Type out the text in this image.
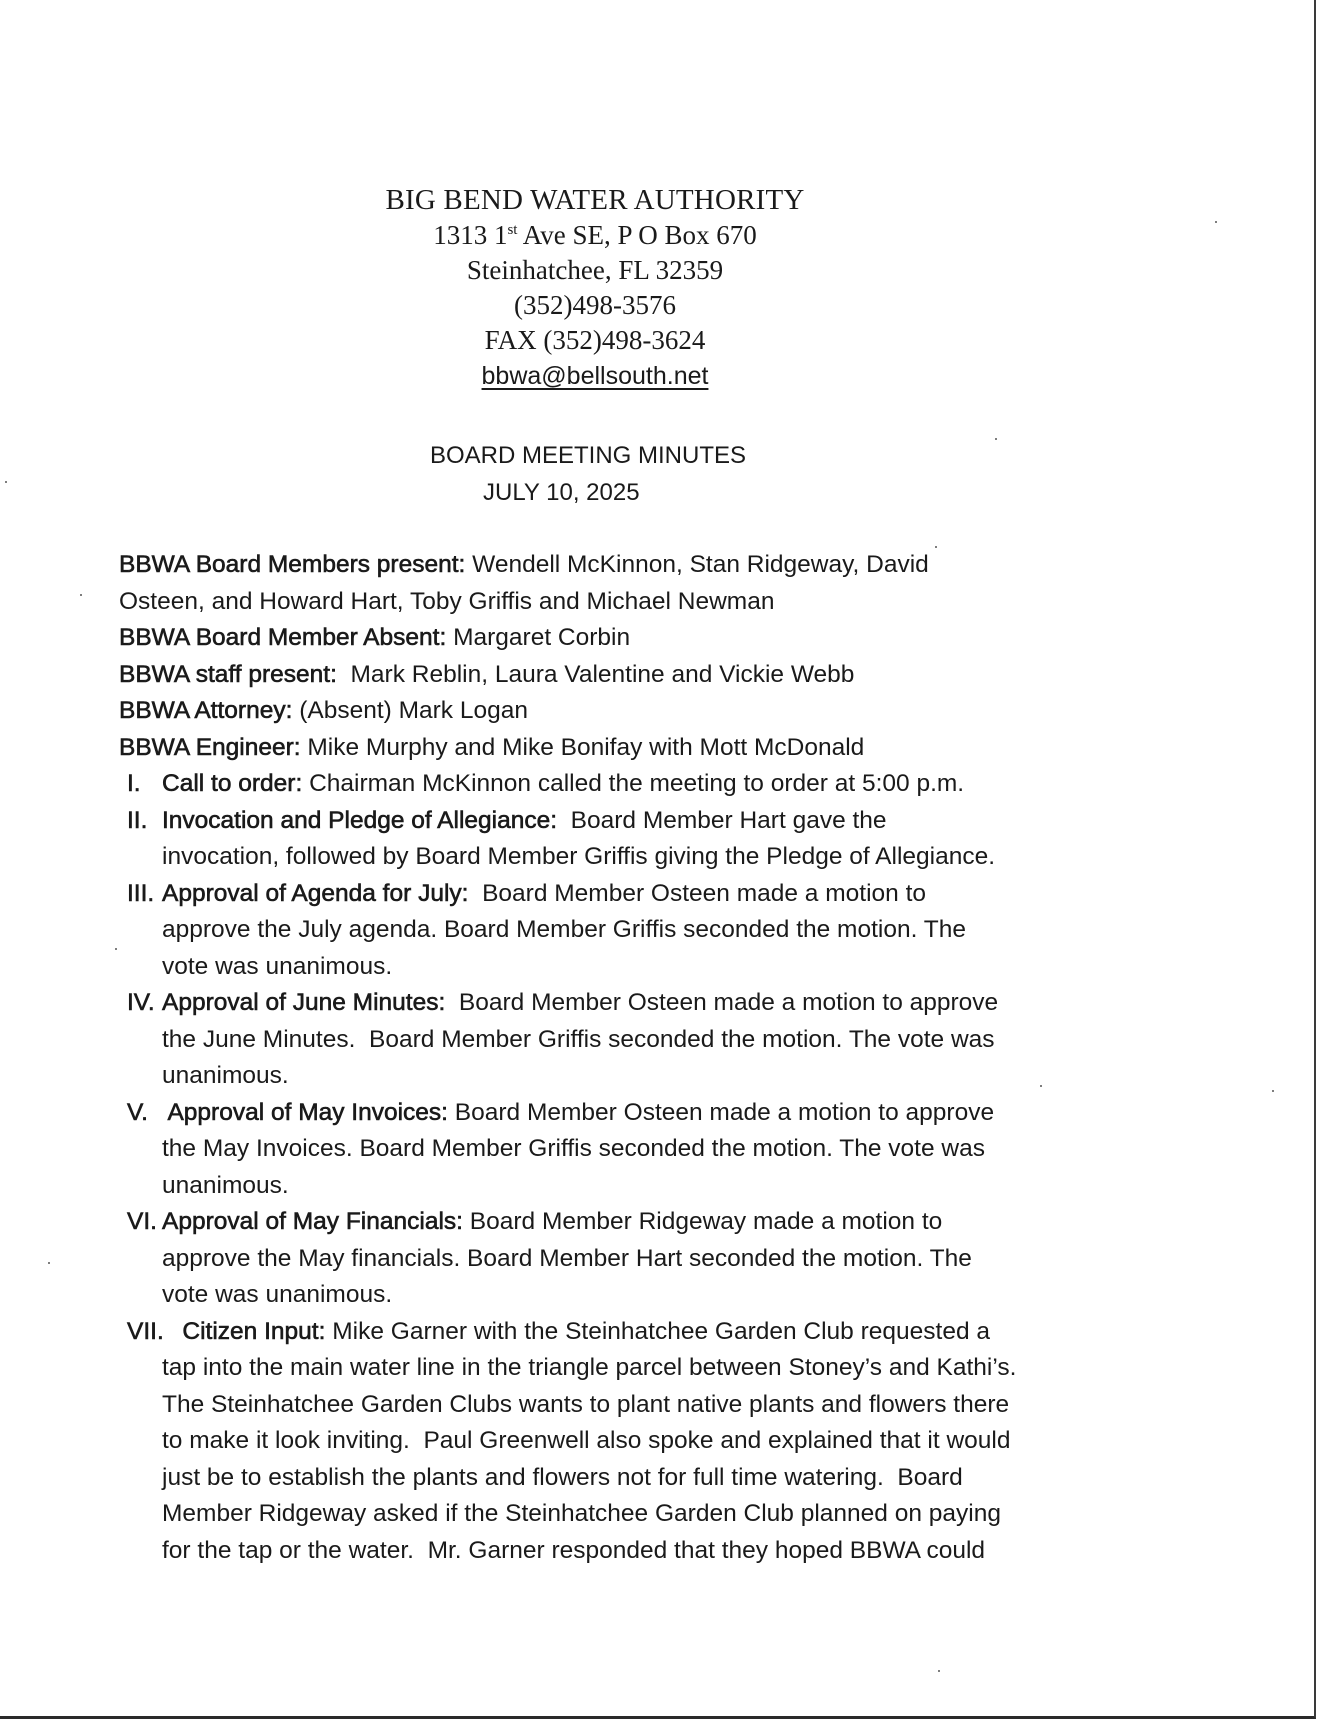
BIG BEND WATER AUTHORITY
1313 1st Ave SE, P O Box 670
Steinhatchee, FL 32359
(352)498-3576
FAX (352)498-3624
bbwa@bellsouth.net
BOARD MEETING MINUTES
JULY 10, 2025
BBWA Board Members present: Wendell McKinnon, Stan Ridgeway, David
Osteen, and Howard Hart, Toby Griffis and Michael Newman
BBWA Board Member Absent: Margaret Corbin
BBWA staff present:  Mark Reblin, Laura Valentine and Vickie Webb
BBWA Attorney: (Absent) Mark Logan
BBWA Engineer: Mike Murphy and Mike Bonifay with Mott McDonald
I. Call to order: Chairman McKinnon called the meeting to order at 5:00 p.m.
II. Invocation and Pledge of Allegiance:  Board Member Hart gave the
invocation, followed by Board Member Griffis giving the Pledge of Allegiance.
III. Approval of Agenda for July:  Board Member Osteen made a motion to
approve the July agenda. Board Member Griffis seconded the motion. The
vote was unanimous.
IV. Approval of June Minutes:  Board Member Osteen made a motion to approve
the June Minutes.  Board Member Griffis seconded the motion. The vote was
unanimous.
V. Approval of May Invoices: Board Member Osteen made a motion to approve
the May Invoices. Board Member Griffis seconded the motion. The vote was
unanimous.
VI. Approval of May Financials: Board Member Ridgeway made a motion to
approve the May financials. Board Member Hart seconded the motion. The
vote was unanimous.
VII.
Citizen Input: Mike Garner with the Steinhatchee Garden Club requested a
tap into the main water line in the triangle parcel between Stoney’s and Kathi’s.
The Steinhatchee Garden Clubs wants to plant native plants and flowers there
to make it look inviting.  Paul Greenwell also spoke and explained that it would
just be to establish the plants and flowers not for full time watering.  Board
Member Ridgeway asked if the Steinhatchee Garden Club planned on paying
for the tap or the water.  Mr. Garner responded that they hoped BBWA could
